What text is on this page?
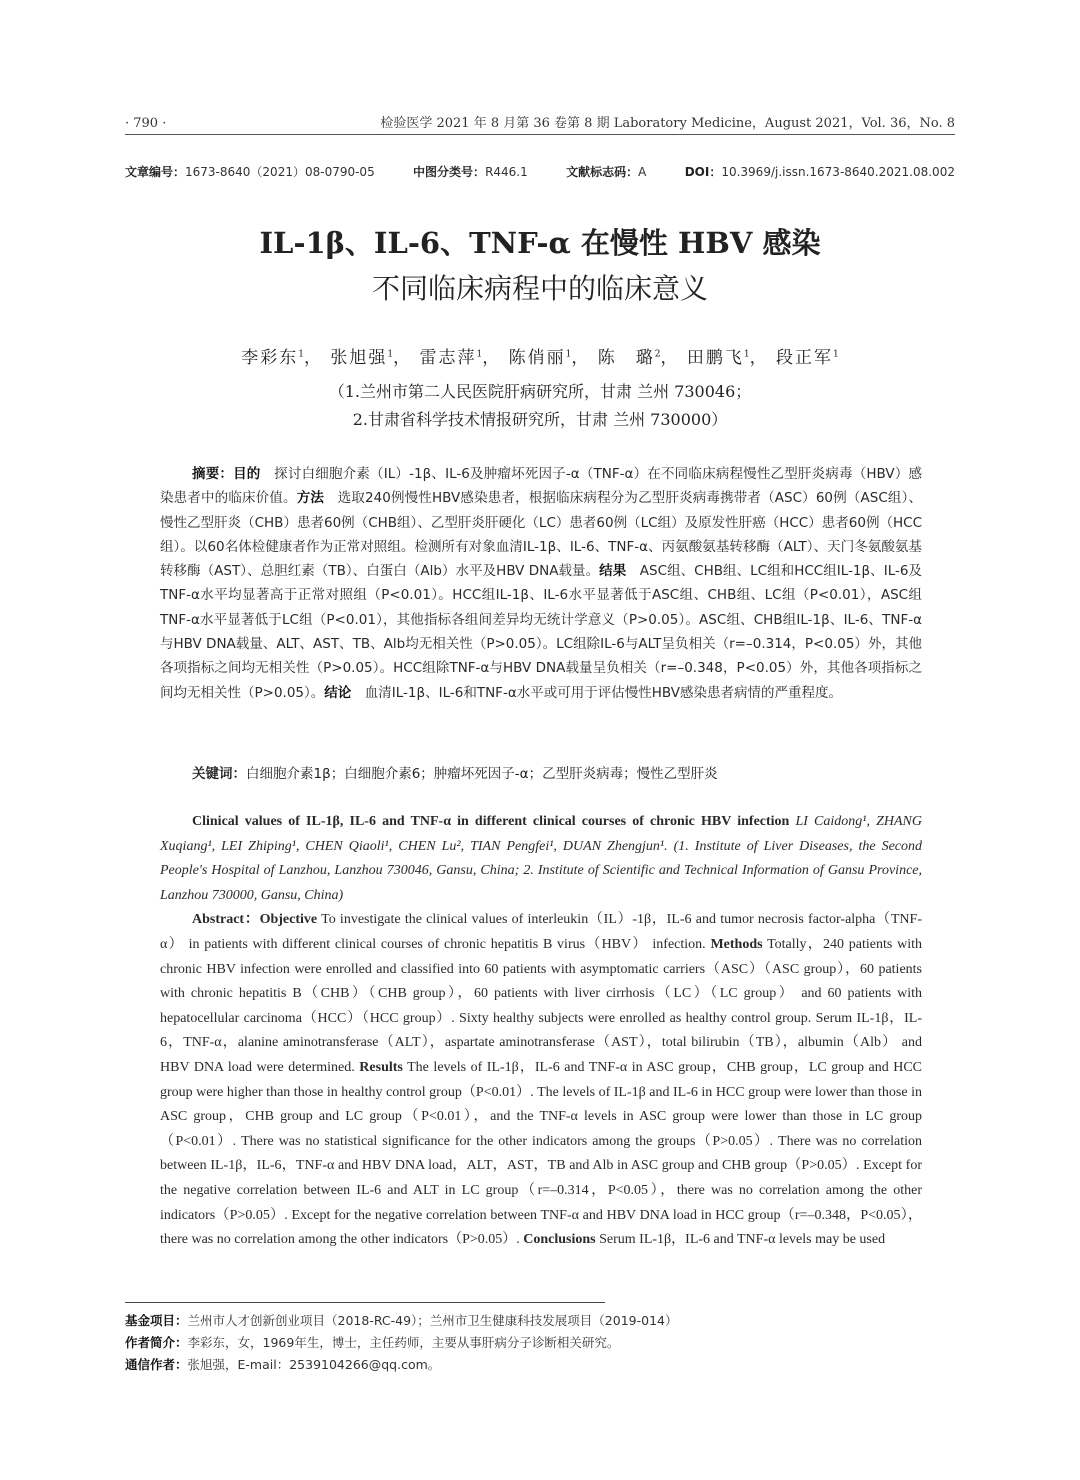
· 790 ·	检验医学 2021 年 8 月第 36 卷第 8 期 Laboratory Medicine，August 2021，Vol. 36，No. 8
文章编号：1673-8640（2021）08-0790-05	中图分类号：R446.1	文献标志码：A	DOI：10.3969/j.issn.1673-8640.2021.08.002
IL-1β、IL-6、TNF-α 在慢性 HBV 感染
不同临床病程中的临床意义
李彩东$^1$， 张旭强$^1$， 雷志萍$^1$， 陈俏丽$^1$， 陈　璐$^2$， 田鹏飞$^1$， 段正军$^1$
（1.兰州市第二人民医院肝病研究所，甘肃 兰州 730046；
2.甘肃省科学技术情报研究所，甘肃 兰州 730000）

摘要：目的　探讨白细胞介素（IL）-1β、IL-6及肿瘤坏死因子-α（TNF-α）在不同临床病程慢性乙型肝炎病毒（HBV）感染患者中的临床价值。方法　选取240例慢性HBV感染患者，根据临床病程分为乙型肝炎病毒携带者（ASC）60例（ASC组）、慢性乙型肝炎（CHB）患者60例（CHB组）、乙型肝炎肝硬化（LC）患者60例（LC组）及原发性肝癌（HCC）患者60例（HCC组）。以60名体检健康者作为正常对照组。检测所有对象血清IL-1β、IL-6、TNF-α、丙氨酸氨基转移酶（ALT）、天门冬氨酸氨基转移酶（AST）、总胆红素（TB）、白蛋白（Alb）水平及HBV DNA载量。结果　ASC组、CHB组、LC组和HCC组IL-1β、IL-6及TNF-α水平均显著高于正常对照组（P<0.01）。HCC组IL-1β、IL-6水平显著低于ASC组、CHB组、LC组（P<0.01），ASC组TNF-α水平显著低于LC组（P<0.01），其他指标各组间差异均无统计学意义（P>0.05）。ASC组、CHB组IL-1β、IL-6、TNF-α与HBV DNA载量、ALT、AST、TB、Alb均无相关性（P>0.05）。LC组除IL-6与ALT呈负相关（r=–0.314，P<0.05）外，其他各项指标之间均无相关性（P>0.05）。HCC组除TNF-α与HBV DNA载量呈负相关（r=–0.348，P<0.05）外，其他各项指标之间均无相关性（P>0.05）。结论　血清IL-1β、IL-6和TNF-α水平或可用于评估慢性HBV感染患者病情的严重程度。

关键词：白细胞介素1β；白细胞介素6；肿瘤坏死因子-α；乙型肝炎病毒；慢性乙型肝炎

Clinical values of IL-1β, IL-6 and TNF-α in different clinical courses of chronic HBV infection LI Caidong¹, ZHANG Xuqiang¹, LEI Zhiping¹, CHEN Qiaoli¹, CHEN Lu², TIAN Pengfei¹, DUAN Zhengjun¹. (1. Institute of Liver Diseases, the Second People's Hospital of Lanzhou, Lanzhou 730046, Gansu, China; 2. Institute of Scientific and Technical Information of Gansu Province, Lanzhou 730000, Gansu, China)

Abstract：Objective To investigate the clinical values of interleukin（IL）-1β，IL-6 and tumor necrosis factor-alpha（TNF-α） in patients with different clinical courses of chronic hepatitis B virus（HBV） infection. Methods Totally，240 patients with chronic HBV infection were enrolled and classified into 60 patients with asymptomatic carriers（ASC）（ASC group），60 patients with chronic hepatitis B（CHB）（CHB group），60 patients with liver cirrhosis（LC）（LC group） and 60 patients with hepatocellular carcinoma（HCC）（HCC group）. Sixty healthy subjects were enrolled as healthy control group. Serum IL-1β，IL-6，TNF-α，alanine aminotransferase（ALT），aspartate aminotransferase（AST），total bilirubin（TB），albumin（Alb） and HBV DNA load were determined. Results The levels of IL-1β，IL-6 and TNF-α in ASC group，CHB group，LC group and HCC group were higher than those in healthy control group（P<0.01）. The levels of IL-1β and IL-6 in HCC group were lower than those in ASC group，CHB group and LC group（P<0.01），and the TNF-α levels in ASC group were lower than those in LC group（P<0.01）. There was no statistical significance for the other indicators among the groups（P>0.05）. There was no correlation between IL-1β，IL-6，TNF-α and HBV DNA load，ALT，AST，TB and Alb in ASC group and CHB group（P>0.05）. Except for the negative correlation between IL-6 and ALT in LC group（r=–0.314，P<0.05），there was no correlation among the other indicators（P>0.05）. Except for the negative correlation between TNF-α and HBV DNA load in HCC group（r=–0.348，P<0.05），there was no correlation among the other indicators（P>0.05）. Conclusions Serum IL-1β，IL-6 and TNF-α levels may be used

基金项目：兰州市人才创新创业项目（2018-RC-49）；兰州市卫生健康科技发展项目（2019-014）
作者简介：李彩东，女，1969年生，博士，主任药师，主要从事肝病分子诊断相关研究。
通信作者：张旭强，E-mail：2539104266@qq.com。
